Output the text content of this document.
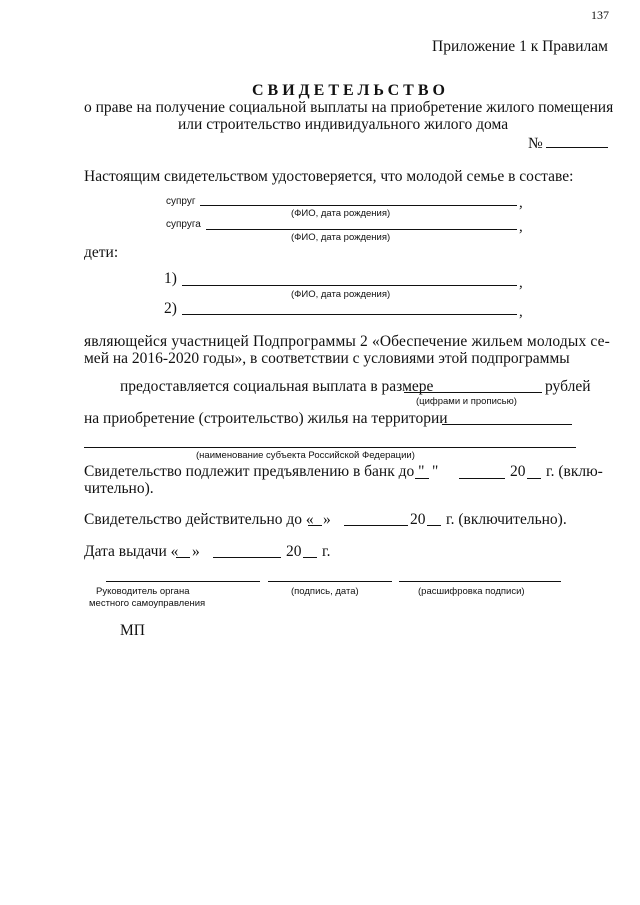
137
Приложение 1 к Правилам
СВИДЕТЕЛЬСТВО
о праве на получение социальной выплаты на приобретение жилого помещения
или строительство индивидуального жилого дома
№
Настоящим свидетельством удостоверяется, что молодой семье в составе:
супруг	,
(ФИО, дата рождения)
супруга	,
(ФИО, дата рождения)
дети:
1)	,
(ФИО, дата рождения)
2)	,
являющейся участницей Подпрограммы 2 «Обеспечение жильем молодых се-
мей на 2016-2020 годы», в соответствии с условиями этой подпрограммы
предоставляется социальная выплата в размере	рублей
(цифрами и прописью)
на приобретение (строительство) жилья на территории
(наименование субъекта Российской Федерации)
Свидетельство подлежит предъявлению в банк до " "	20 г. (вклю-
чительно).
Свидетельство действительно до « »	20 г. (включительно).
Дата выдачи « »	20 г.
Руководитель органа
местного самоуправления
(подпись, дата)	(расшифровка подписи)
МП
